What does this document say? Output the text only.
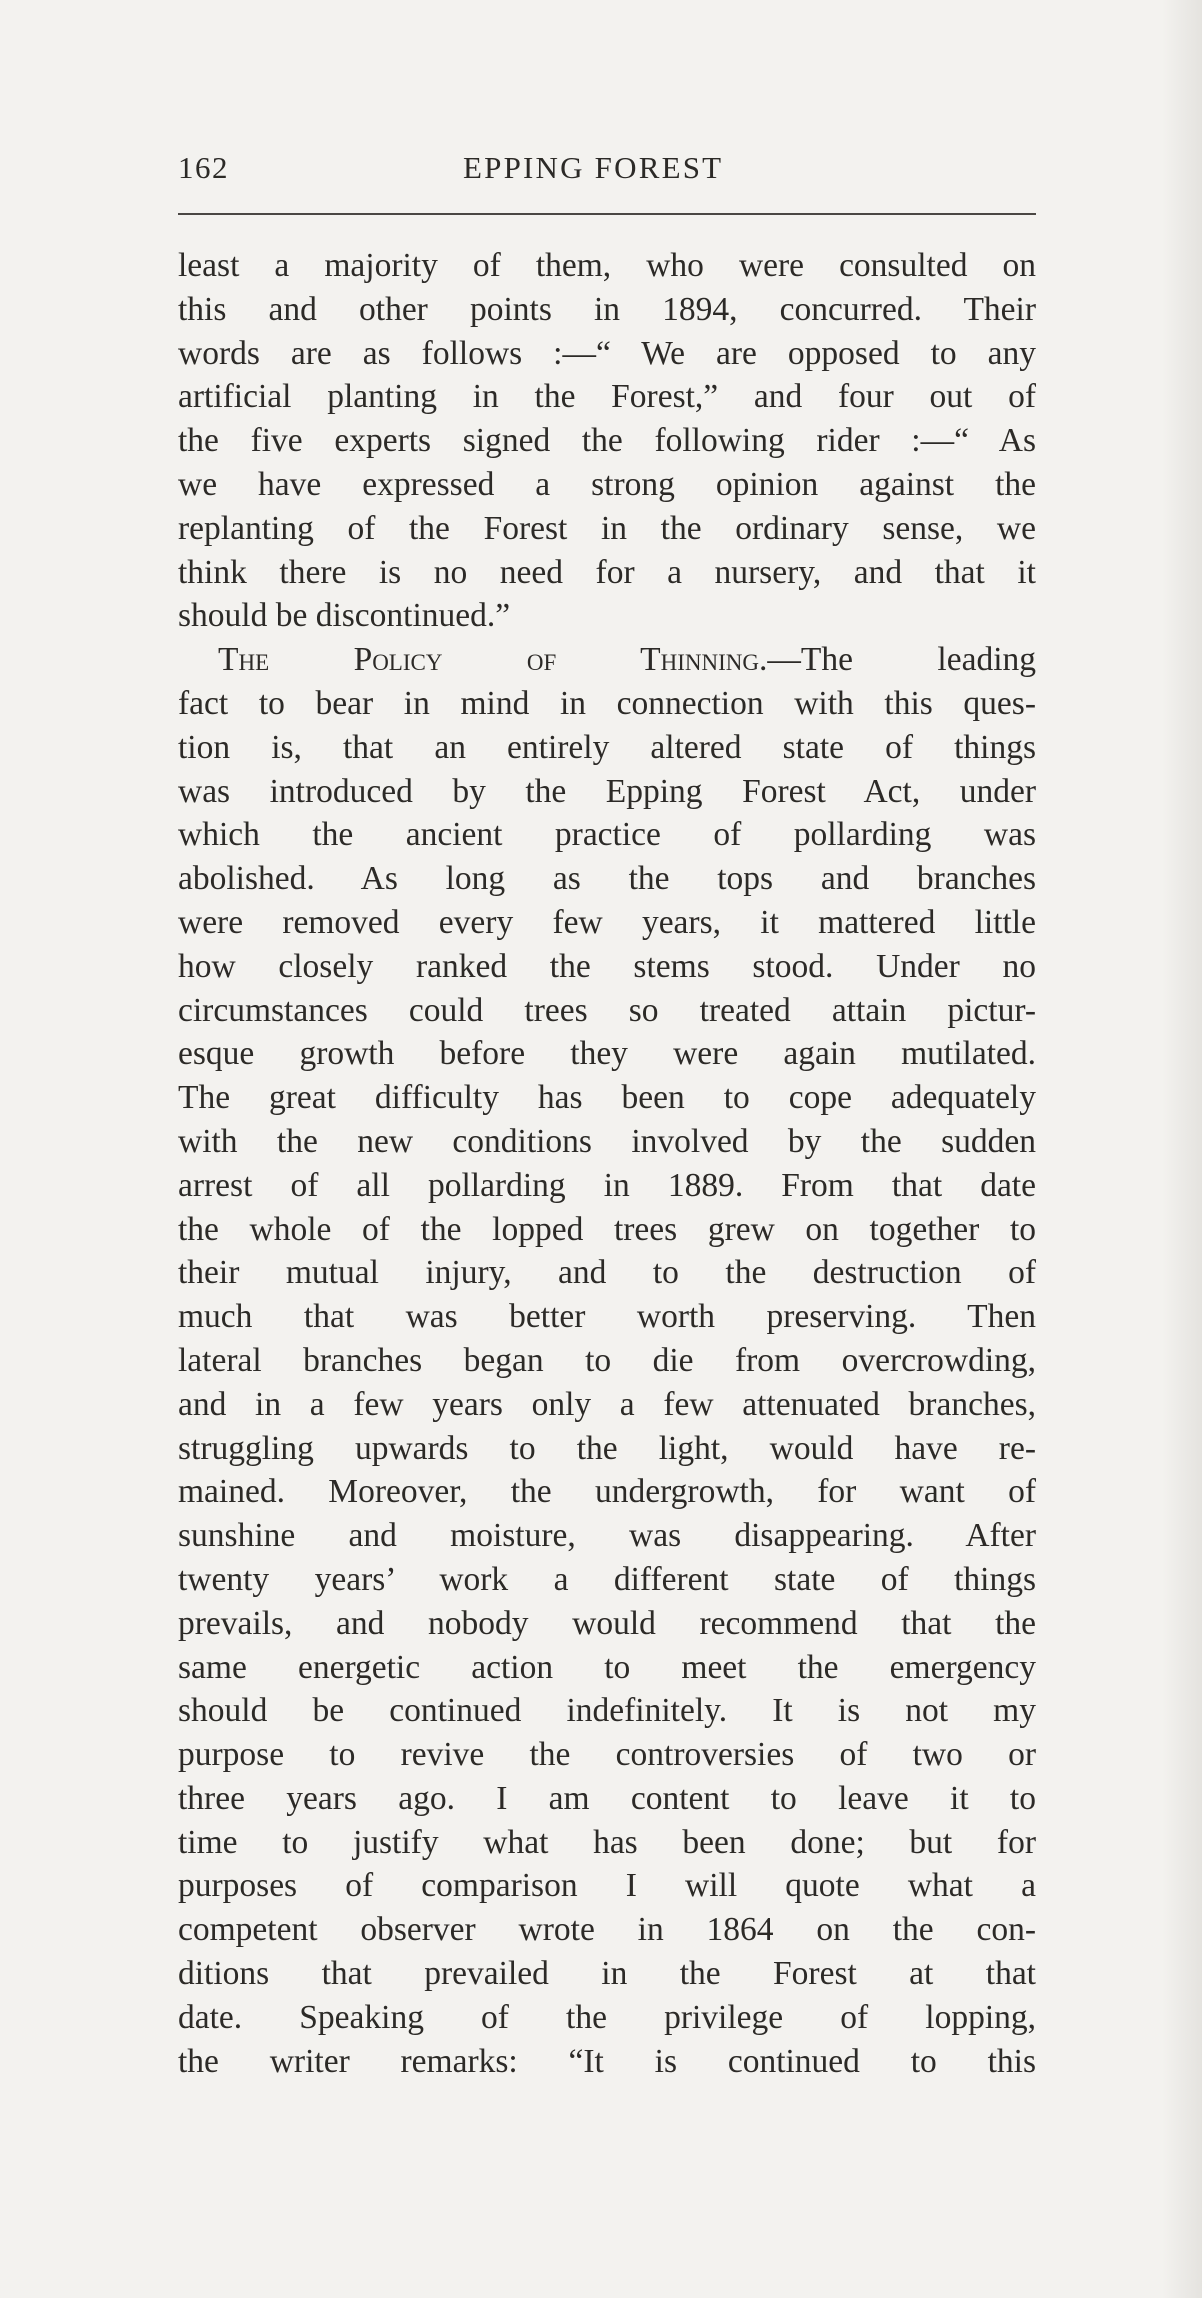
162	EPPING FOREST
least a majority of them, who were consulted on
this and other points in 1894, concurred. Their
words are as follows :—“ We are opposed to any
artificial planting in the Forest,” and four out of
the five experts signed the following rider :—“ As
we have expressed a strong opinion against the
replanting of the Forest in the ordinary sense, we
think there is no need for a nursery, and that it
should be discontinued.”
The Policy of Thinning.—The leading
fact to bear in mind in connection with this ques-
tion is, that an entirely altered state of things
was introduced by the Epping Forest Act, under
which the ancient practice of pollarding was
abolished. As long as the tops and branches
were removed every few years, it mattered little
how closely ranked the stems stood. Under no
circumstances could trees so treated attain pictur-
esque growth before they were again mutilated.
The great difficulty has been to cope adequately
with the new conditions involved by the sudden
arrest of all pollarding in 1889. From that date
the whole of the lopped trees grew on together to
their mutual injury, and to the destruction of
much that was better worth preserving. Then
lateral branches began to die from overcrowding,
and in a few years only a few attenuated branches,
struggling upwards to the light, would have re-
mained. Moreover, the undergrowth, for want of
sunshine and moisture, was disappearing. After
twenty years’ work a different state of things
prevails, and nobody would recommend that the
same energetic action to meet the emergency
should be continued indefinitely. It is not my
purpose to revive the controversies of two or
three years ago. I am content to leave it to
time to justify what has been done; but for
purposes of comparison I will quote what a
competent observer wrote in 1864 on the con-
ditions that prevailed in the Forest at that
date. Speaking of the privilege of lopping,
the writer remarks: “It is continued to this
